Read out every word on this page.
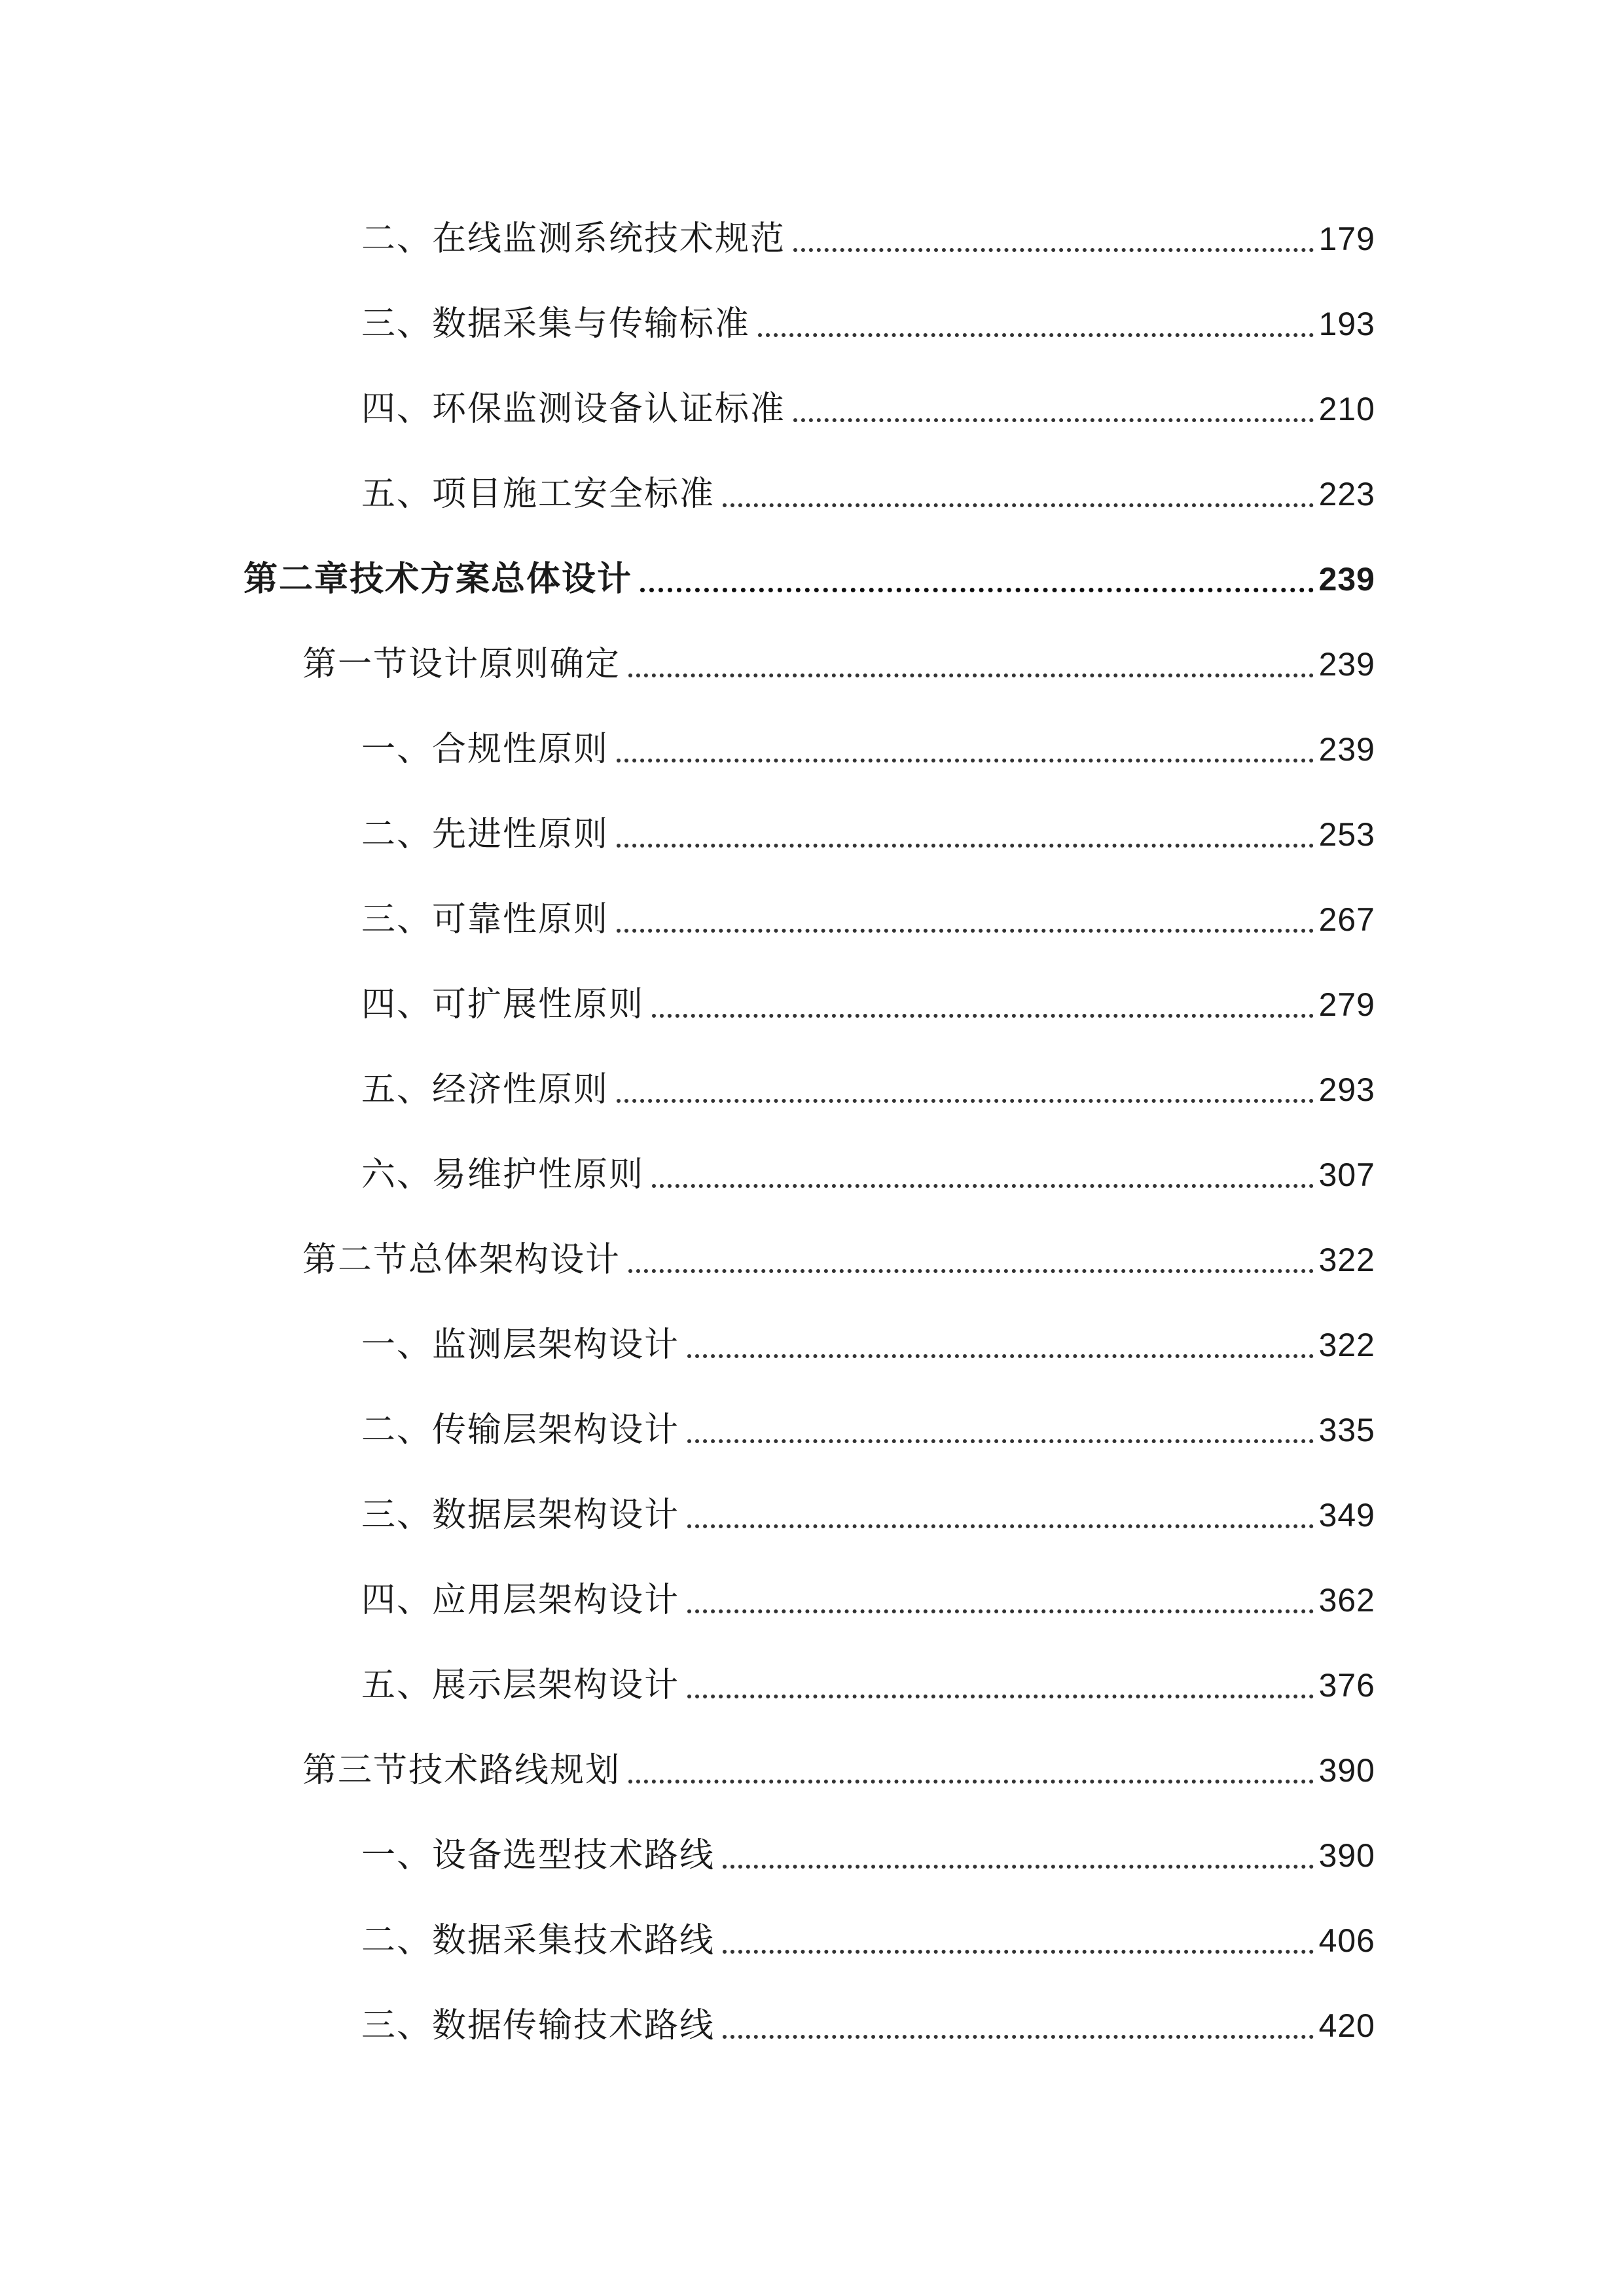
二、在线监测系统技术规范	179
三、数据采集与传输标准	193
四、环保监测设备认证标准	210
五、项目施工安全标准	223
第二章技术方案总体设计	239
第一节设计原则确定	239
一、合规性原则	239
二、先进性原则	253
三、可靠性原则	267
四、可扩展性原则	279
五、经济性原则	293
六、易维护性原则	307
第二节总体架构设计	322
一、监测层架构设计	322
二、传输层架构设计	335
三、数据层架构设计	349
四、应用层架构设计	362
五、展示层架构设计	376
第三节技术路线规划	390
一、设备选型技术路线	390
二、数据采集技术路线	406
三、数据传输技术路线	420
